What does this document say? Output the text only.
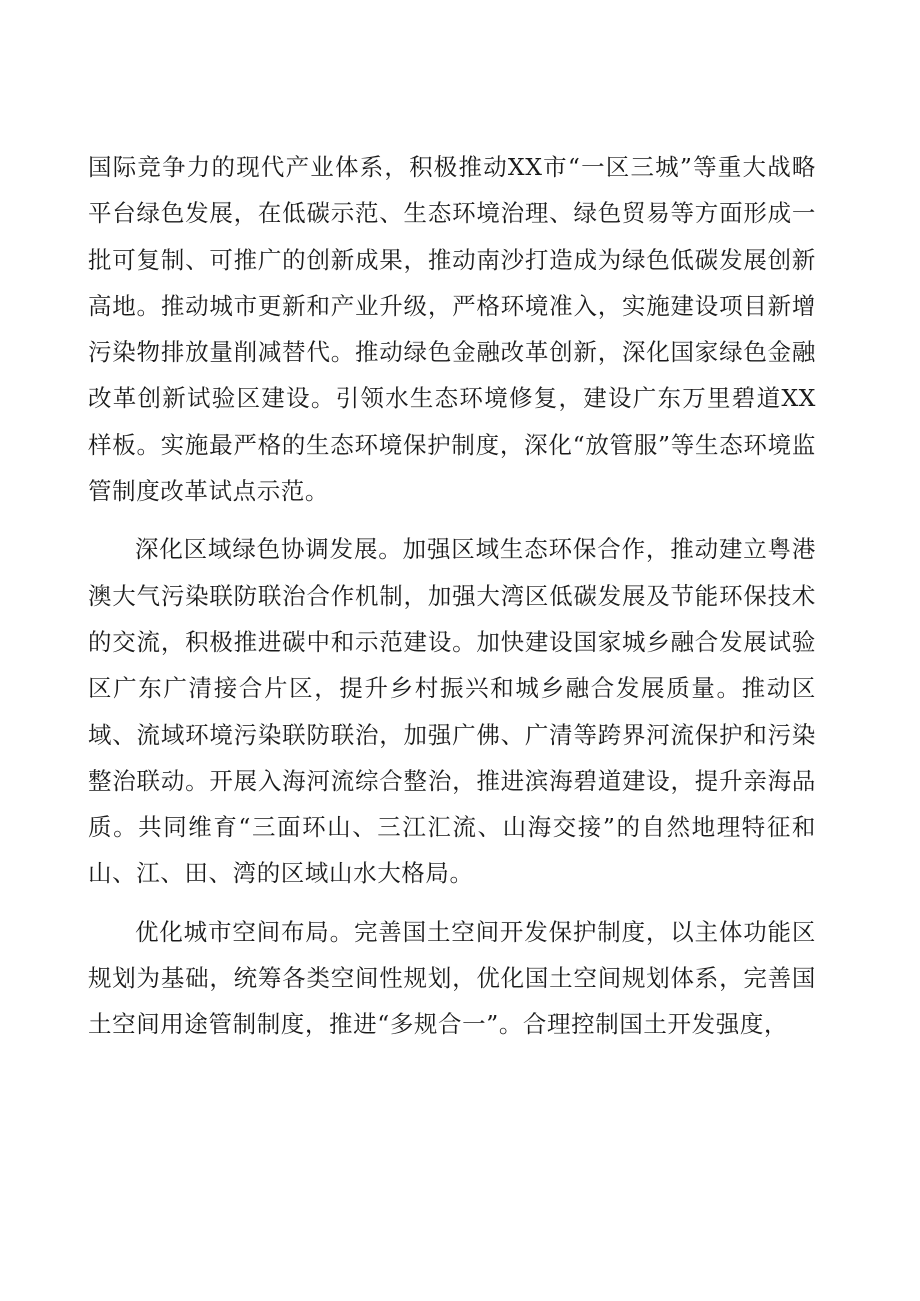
国际竞争力的现代产业体系，积极推动XX市“一区三城”等重大战略平台绿色发展，在低碳示范、生态环境治理、绿色贸易等方面形成一批可复制、可推广的创新成果，推动南沙打造成为绿色低碳发展创新高地。推动城市更新和产业升级，严格环境准入，实施建设项目新增污染物排放量削减替代。推动绿色金融改革创新，深化国家绿色金融改革创新试验区建设。引领水生态环境修复，建设广东万里碧道XX样板。实施最严格的生态环境保护制度，深化“放管服”等生态环境监管制度改革试点示范。

深化区域绿色协调发展。加强区域生态环保合作，推动建立粤港澳大气污染联防联治合作机制，加强大湾区低碳发展及节能环保技术的交流，积极推进碳中和示范建设。加快建设国家城乡融合发展试验区广东广清接合片区，提升乡村振兴和城乡融合发展质量。推动区域、流域环境污染联防联治，加强广佛、广清等跨界河流保护和污染整治联动。开展入海河流综合整治，推进滨海碧道建设，提升亲海品质。共同维育“三面环山、三江汇流、山海交接”的自然地理特征和山、江、田、湾的区域山水大格局。

优化城市空间布局。完善国土空间开发保护制度，以主体功能区规划为基础，统筹各类空间性规划，优化国土空间规划体系，完善国土空间用途管制制度，推进“多规合一”。合理控制国土开发强度，
